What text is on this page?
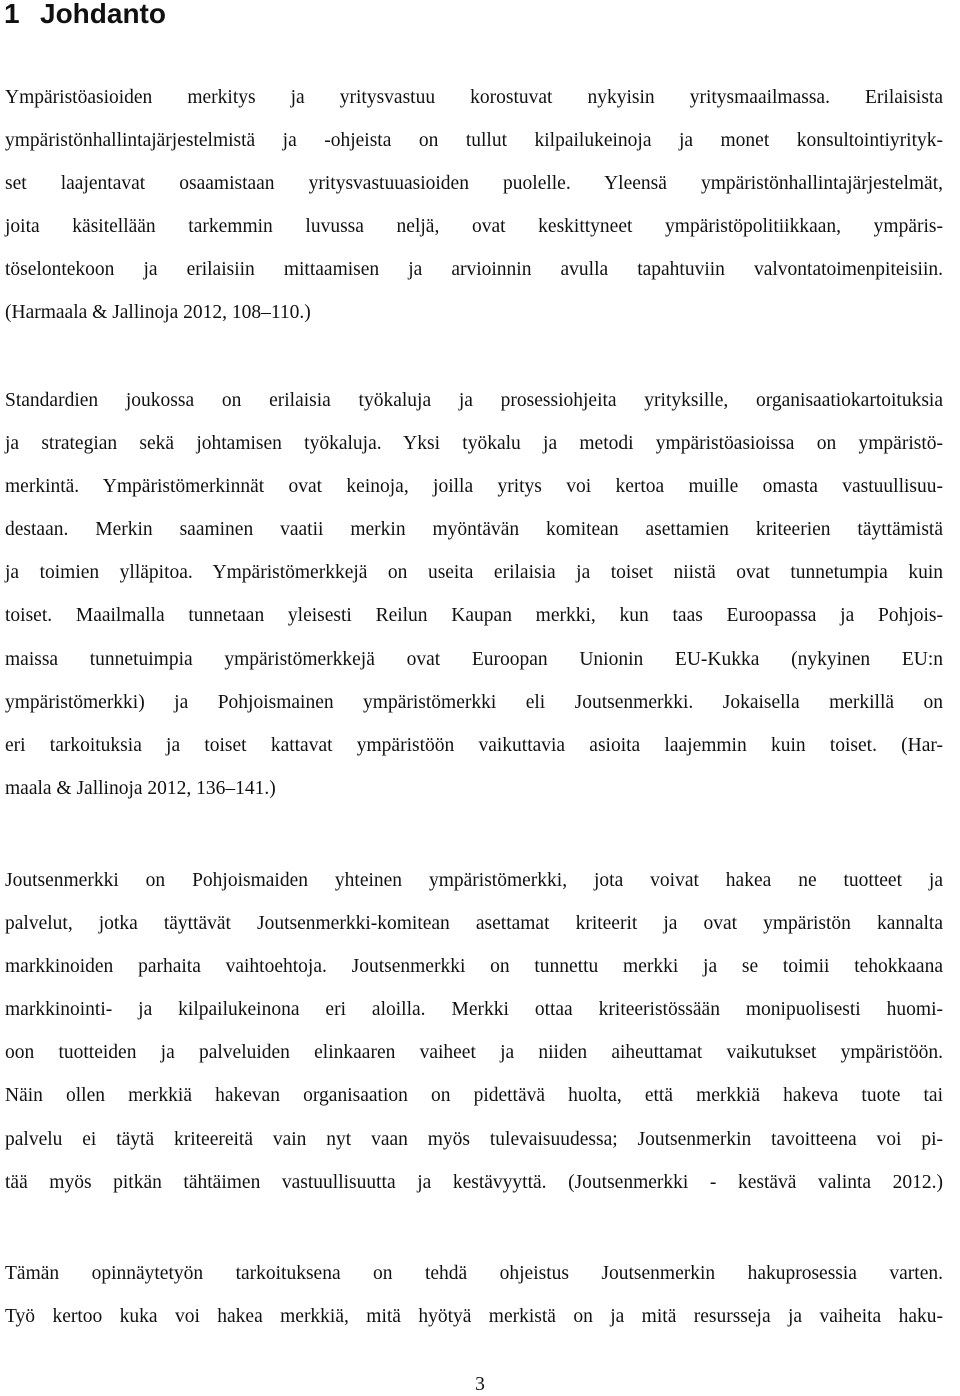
1 Johdanto
Ympäristöasioiden merkitys ja yritysvastuu korostuvat nykyisin yritysmaailmassa. Erilaisista
ympäristönhallintajärjestelmistä ja -ohjeista on tullut kilpailukeinoja ja monet konsultointiyrityk-
set laajentavat osaamistaan yritysvastuuasioiden puolelle. Yleensä ympäristönhallintajärjestelmät,
joita käsitellään tarkemmin luvussa neljä, ovat keskittyneet ympäristöpolitiikkaan, ympäris-
töselontekoon ja erilaisiin mittaamisen ja arvioinnin avulla tapahtuviin valvontatoimenpiteisiin.
(Harmaala & Jallinoja 2012, 108–110.)
Standardien joukossa on erilaisia työkaluja ja prosessiohjeita yrityksille, organisaatiokartoituksia
ja strategian sekä johtamisen työkaluja. Yksi työkalu ja metodi ympäristöasioissa on ympäristö-
merkintä. Ympäristömerkinnät ovat keinoja, joilla yritys voi kertoa muille omasta vastuullisuu-
destaan. Merkin saaminen vaatii merkin myöntävän komitean asettamien kriteerien täyttämistä
ja toimien ylläpitoa. Ympäristömerkkejä on useita erilaisia ja toiset niistä ovat tunnetumpia kuin
toiset. Maailmalla tunnetaan yleisesti Reilun Kaupan merkki, kun taas Euroopassa ja Pohjois-
maissa tunnetuimpia ympäristömerkkejä ovat Euroopan Unionin EU-Kukka (nykyinen EU:n
ympäristömerkki) ja Pohjoismainen ympäristömerkki eli Joutsenmerkki. Jokaisella merkillä on
eri tarkoituksia ja toiset kattavat ympäristöön vaikuttavia asioita laajemmin kuin toiset. (Har-
maala & Jallinoja 2012, 136–141.)
Joutsenmerkki on Pohjoismaiden yhteinen ympäristömerkki, jota voivat hakea ne tuotteet ja
palvelut, jotka täyttävät Joutsenmerkki-komitean asettamat kriteerit ja ovat ympäristön kannalta
markkinoiden parhaita vaihtoehtoja. Joutsenmerkki on tunnettu merkki ja se toimii tehokkaana
markkinointi- ja kilpailukeinona eri aloilla. Merkki ottaa kriteeristössään monipuolisesti huomi-
oon tuotteiden ja palveluiden elinkaaren vaiheet ja niiden aiheuttamat vaikutukset ympäristöön.
Näin ollen merkkiä hakevan organisaation on pidettävä huolta, että merkkiä hakeva tuote tai
palvelu ei täytä kriteereitä vain nyt vaan myös tulevaisuudessa; Joutsenmerkin tavoitteena voi pi-
tää myös pitkän tähtäimen vastuullisuutta ja kestävyyttä. (Joutsenmerkki - kestävä valinta 2012.)
Tämän opinnäytetyön tarkoituksena on tehdä ohjeistus Joutsenmerkin hakuprosessia varten.
Työ kertoo kuka voi hakea merkkiä, mitä hyötyä merkistä on ja mitä resursseja ja vaiheita haku-
3
